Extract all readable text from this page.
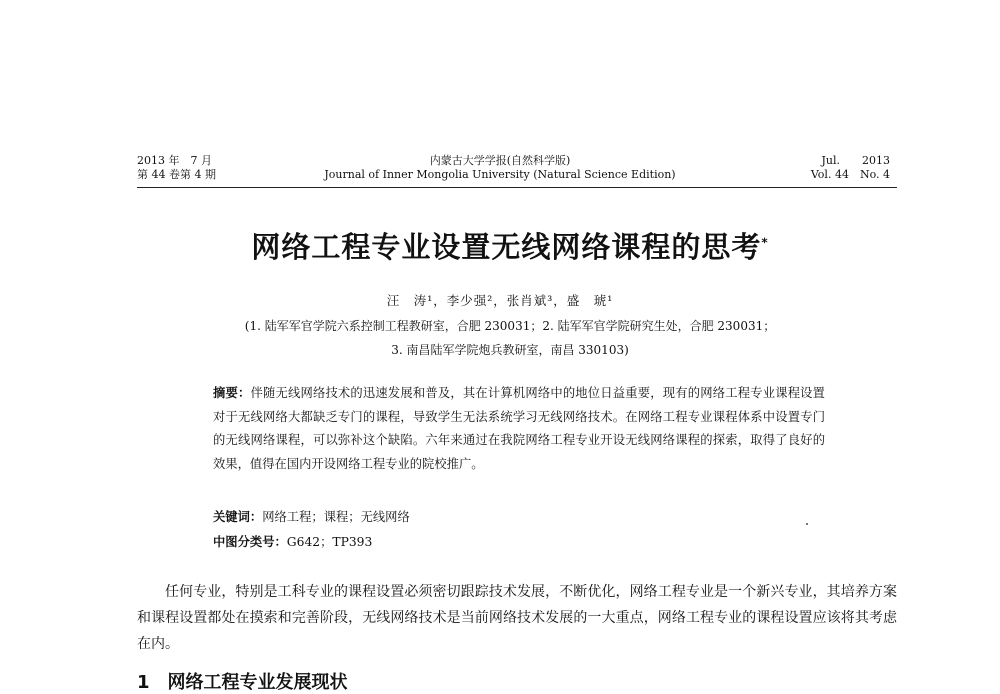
2013 年　7 月
第 44 卷第 4 期
内蒙古大学学报(自然科学版)
Journal of Inner Mongolia University (Natural Science Edition)
Jul.　　2013
Vol. 44　No. 4
网络工程专业设置无线网络课程的思考*
汪　涛¹，李少强²，张肖斌³，盛　琥¹
(1. 陆军军官学院六系控制工程教研室，合肥 230031；2. 陆军军官学院研究生处，合肥 230031；
3. 南昌陆军学院炮兵教研室，南昌 330103)
摘要：伴随无线网络技术的迅速发展和普及，其在计算机网络中的地位日益重要，现有的网络工程专业课程设置对于无线网络大都缺乏专门的课程，导致学生无法系统学习无线网络技术。在网络工程专业课程体系中设置专门的无线网络课程，可以弥补这个缺陷。六年来通过在我院网络工程专业开设无线网络课程的探索，取得了良好的效果，值得在国内开设网络工程专业的院校推广。
关键词：网络工程；课程；无线网络
中图分类号：G642；TP393
任何专业，特别是工科专业的课程设置必须密切跟踪技术发展，不断优化，网络工程专业是一个新兴专业，其培养方案和课程设置都处在摸索和完善阶段，无线网络技术是当前网络技术发展的一大重点，网络工程专业的课程设置应该将其考虑在内。
1　网络工程专业发展现状
